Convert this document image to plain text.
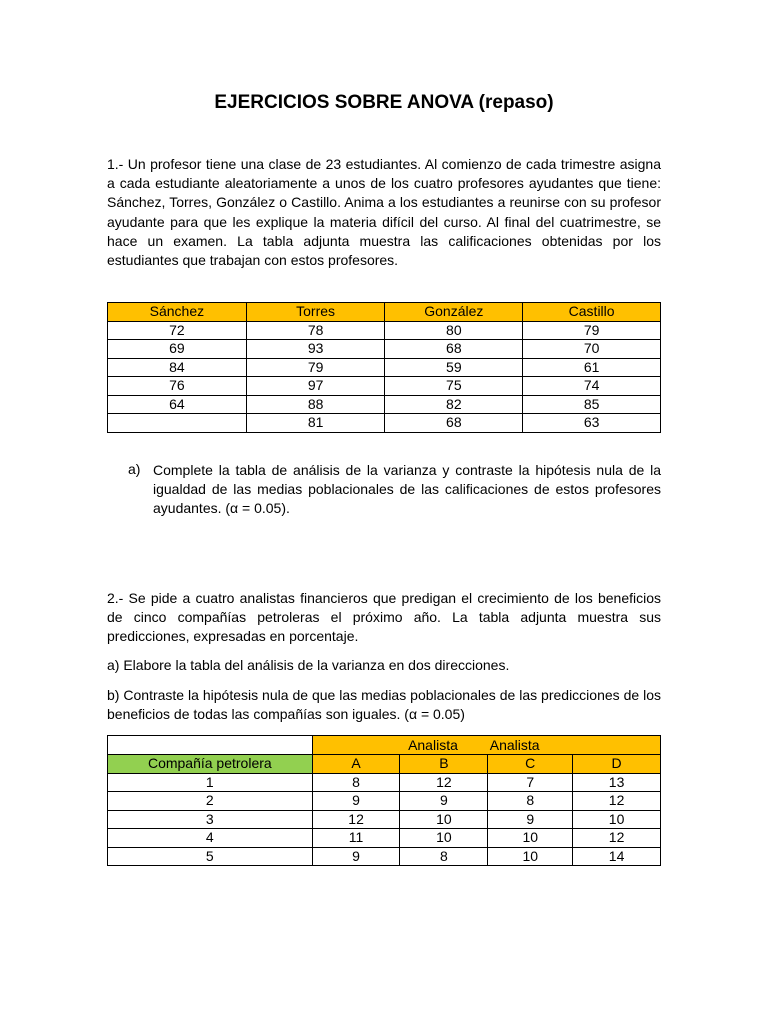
EJERCICIOS SOBRE ANOVA (repaso)

1.- Un profesor tiene una clase de 23 estudiantes. Al comienzo de cada trimestre asigna a cada estudiante aleatoriamente a unos de los cuatro profesores ayudantes que tiene: Sánchez, Torres, González o Castillo. Anima a los estudiantes a reunirse con su profesor ayudante para que les explique la materia difícil del curso. Al final del cuatrimestre, se hace un examen. La tabla adjunta muestra las calificaciones obtenidas por los estudiantes que trabajan con estos profesores.

Sánchez	Torres	González	Castillo
72	78	80	79
69	93	68	70
84	79	59	61
76	97	75	74
64	88	82	85
	81	68	63
a) Complete la tabla de análisis de la varianza y contraste la hipótesis nula de la igualdad de las medias poblacionales de las calificaciones de estos profesores ayudantes. (α = 0.05).

2.- Se pide a cuatro analistas financieros que predigan el crecimiento de los beneficios de cinco compañías petroleras el próximo año. La tabla adjunta muestra sus predicciones, expresadas en porcentaje.

a) Elabore la tabla del análisis de la varianza en dos direcciones.

b) Contraste la hipótesis nula de que las medias poblacionales de las predicciones de los beneficios de todas las compañías son iguales. (α = 0.05)

	Analista Analista			
Compañía petrolera	A	B	C	D
1	8	12	7	13
2	9	9	8	12
3	12	10	9	10
4	11	10	10	12
5	9	8	10	14
